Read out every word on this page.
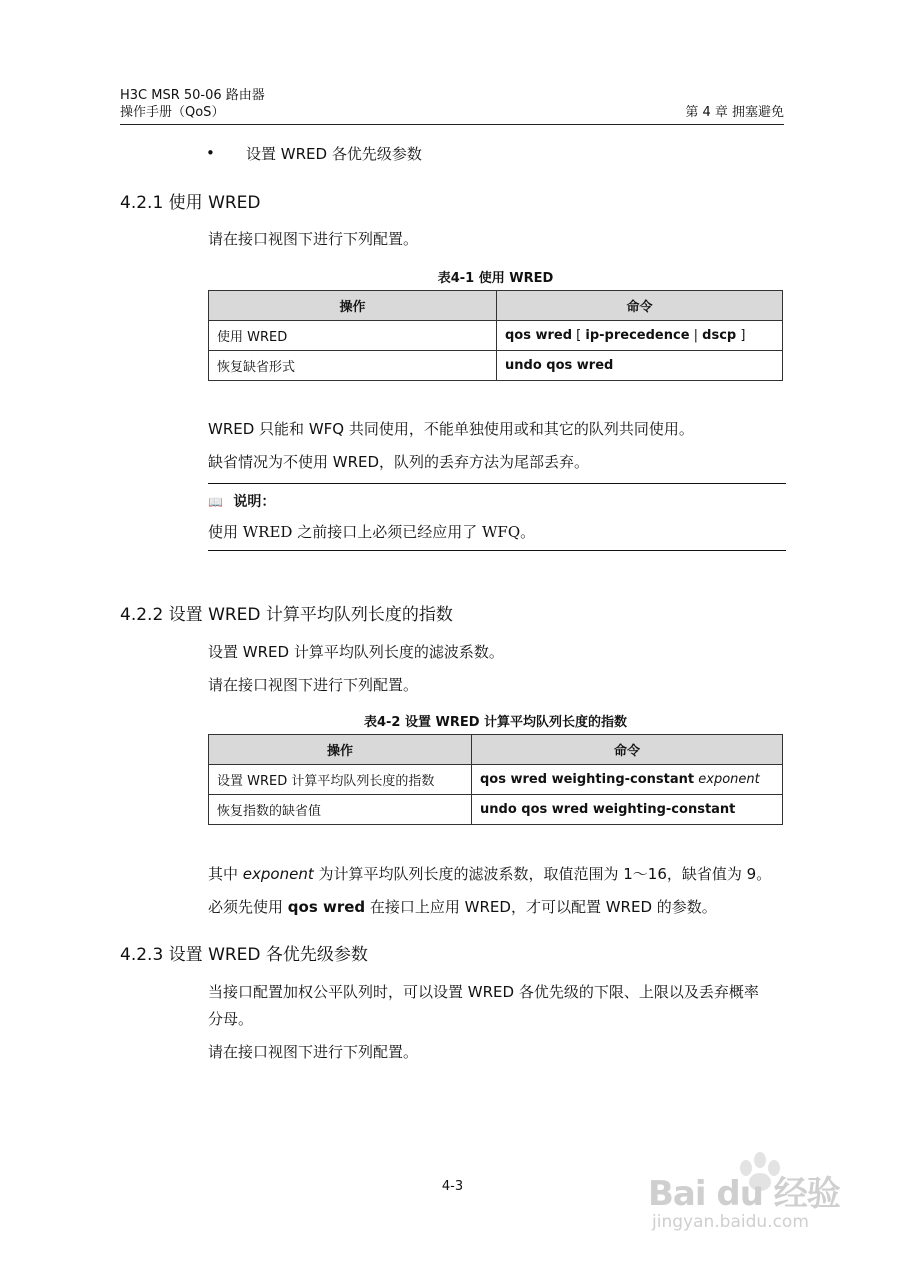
H3C MSR 50-06 路由器
操作手册（QoS）	第 4 章 拥塞避免
• 设置 WRED 各优先级参数
4.2.1 使用 WRED
请在接口视图下进行下列配置。
表4-1 使用 WRED
操作	命令
使用 WRED	qos wred [ ip-precedence | dscp ]
恢复缺省形式	undo qos wred
WRED 只能和 WFQ 共同使用，不能单独使用或和其它的队列共同使用。
缺省情况为不使用 WRED，队列的丢弃方法为尾部丢弃。
📖 说明：
使用 WRED 之前接口上必须已经应用了 WFQ。
4.2.2 设置 WRED 计算平均队列长度的指数
设置 WRED 计算平均队列长度的滤波系数。
请在接口视图下进行下列配置。
表4-2 设置 WRED 计算平均队列长度的指数
操作	命令
设置 WRED 计算平均队列长度的指数	qos wred weighting-constant exponent
恢复指数的缺省值	undo qos wred weighting-constant
其中 exponent 为计算平均队列长度的滤波系数，取值范围为 1～16，缺省值为 9。
必须先使用 qos wred 在接口上应用 WRED，才可以配置 WRED 的参数。
4.2.3 设置 WRED 各优先级参数
当接口配置加权公平队列时，可以设置 WRED 各优先级的下限、上限以及丢弃概率
分母。
请在接口视图下进行下列配置。
4-3	Bai du 经验
jingyan.baidu.com
